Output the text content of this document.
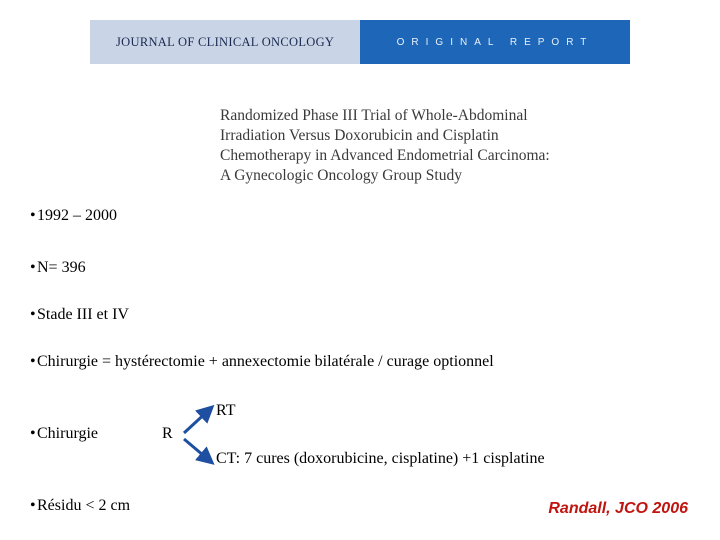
JOURNAL OF CLINICAL ONCOLOGY	ORIGINAL REPORT
Randomized Phase III Trial of Whole-Abdominal
Irradiation Versus Doxorubicin and Cisplatin
Chemotherapy in Advanced Endometrial Carcinoma:
A Gynecologic Oncology Group Study
•1992 – 2000
•N= 396
•Stade III et IV
•Chirurgie = hystérectomie + annexectomie bilatérale / curage optionnel
•Chirurgie
•Résidu < 2 cm
R
RT
CT: 7 cures (doxorubicine, cisplatine) +1 cisplatine
Randall, JCO 2006
